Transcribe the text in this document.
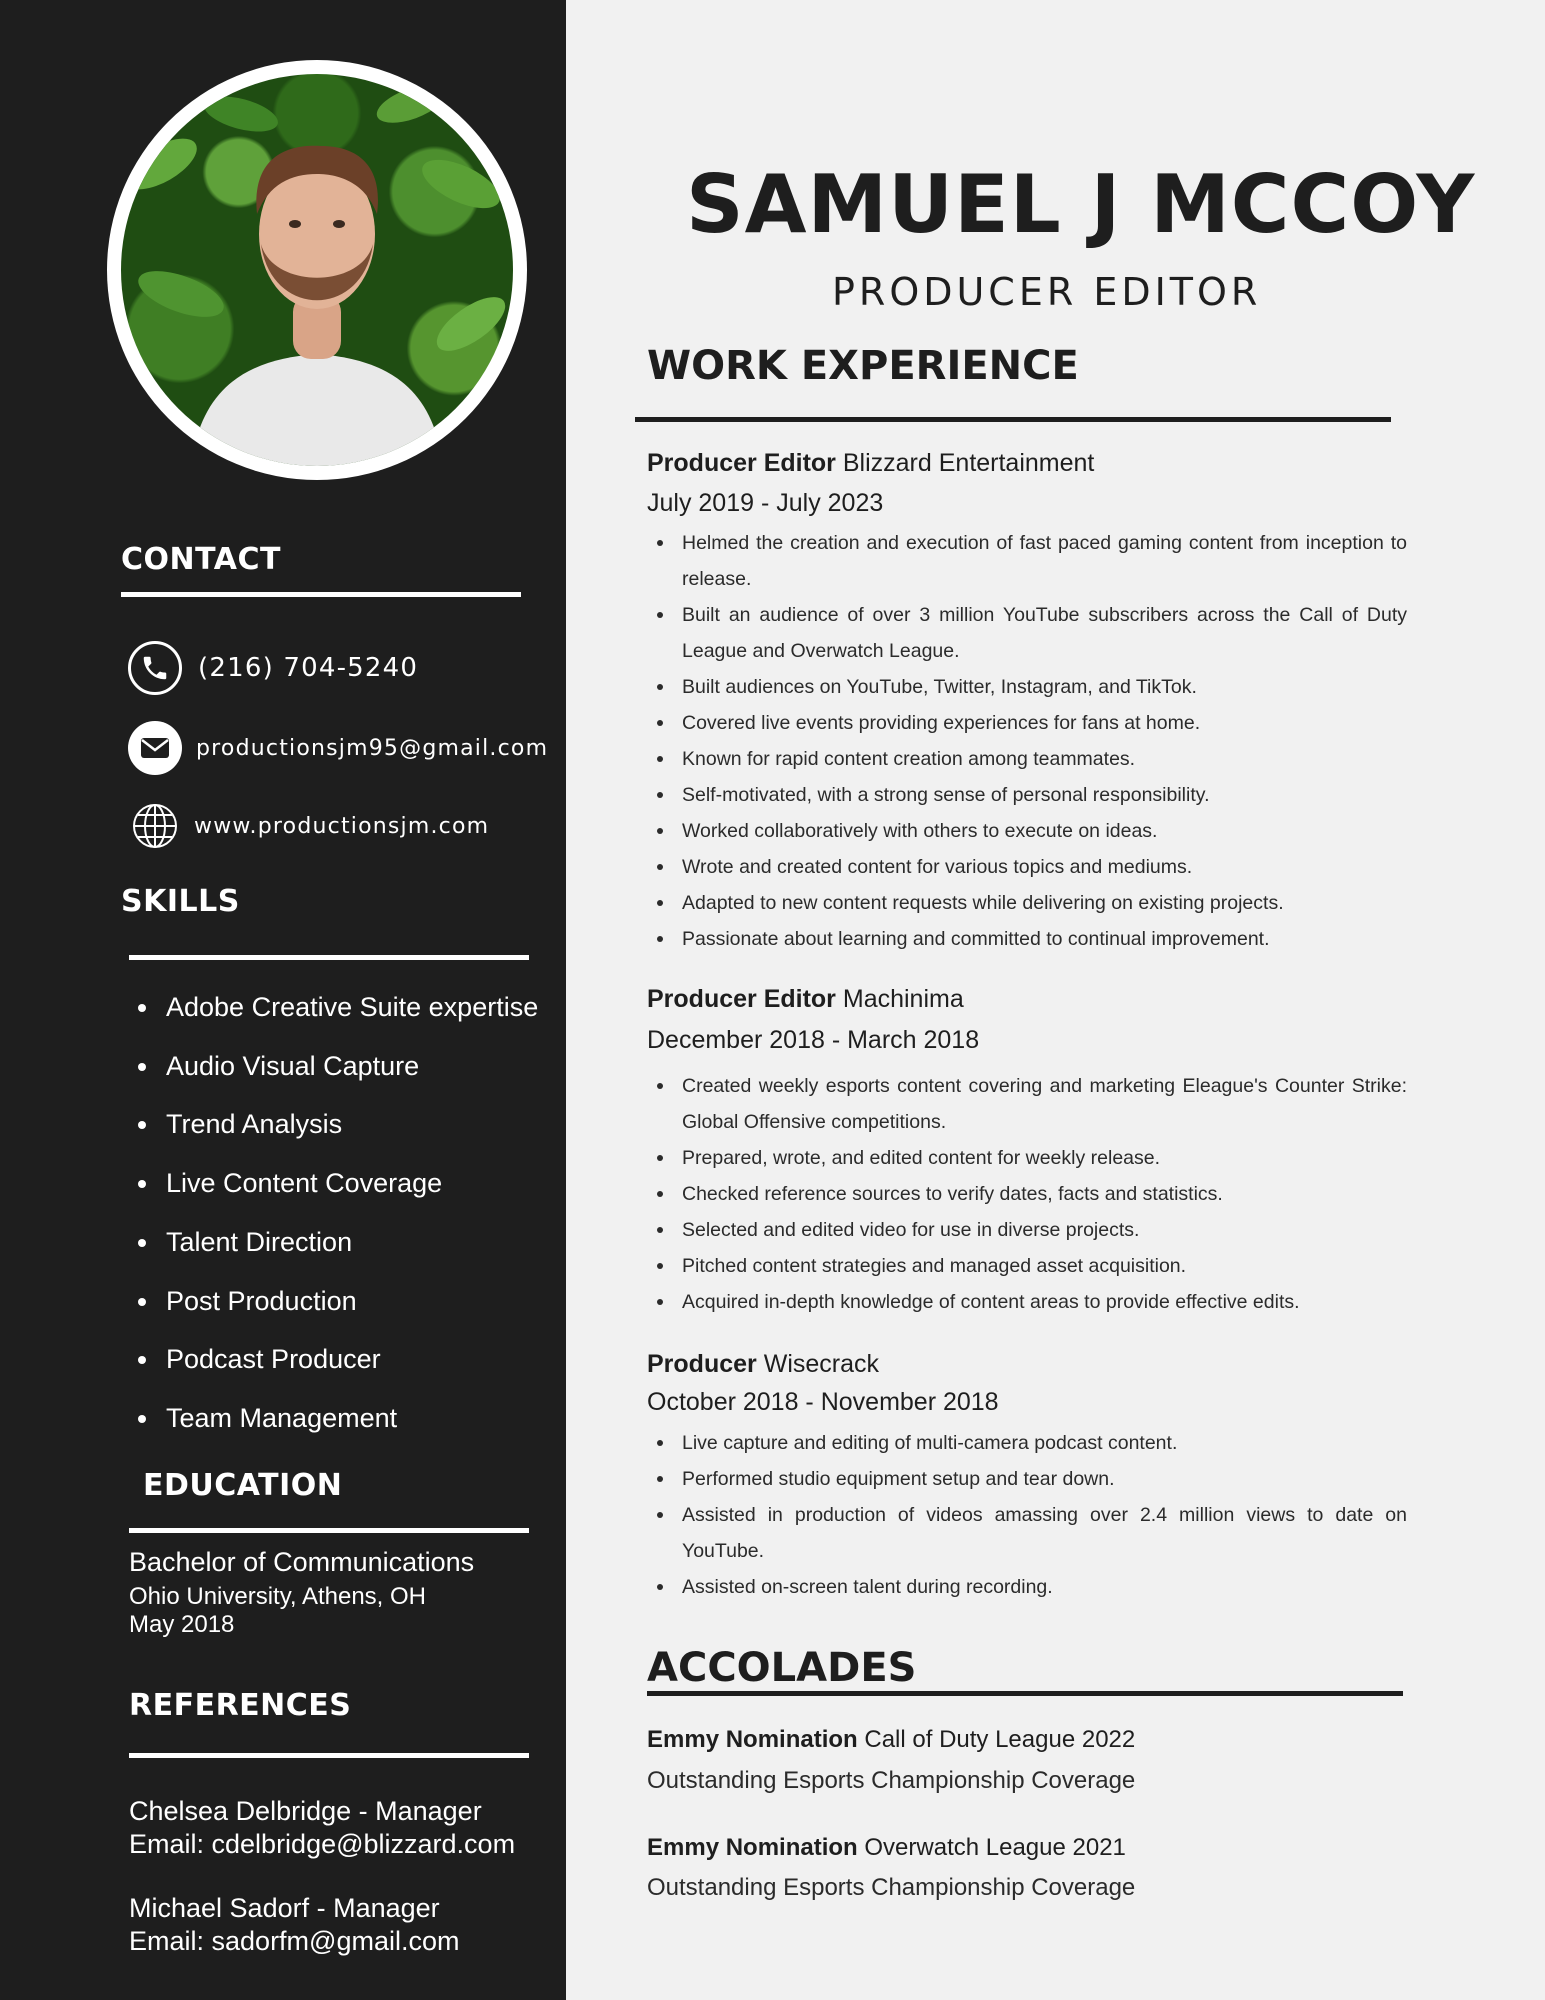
CONTACT
(216) 704-5240
productionsjm95@gmail.com
www.productionsjm.com
SKILLS
Adobe Creative Suite expertise
Audio Visual Capture
Trend Analysis
Live Content Coverage
Talent Direction
Post Production
Podcast Producer
Team Management
EDUCATION
Bachelor of Communications
Ohio University, Athens, OH
May 2018
REFERENCES
Chelsea Delbridge - Manager
Email: cdelbridge@blizzard.com
Michael Sadorf - Manager
Email: sadorfm@gmail.com
SAMUEL J MCCOY
PRODUCER EDITOR
WORK EXPERIENCE
Producer Editor Blizzard Entertainment
July 2019 - July 2023
Helmed the creation and execution of fast paced gaming content from inception to release.
Built an audience of over 3 million YouTube subscribers across the Call of Duty League and Overwatch League.
Built audiences on YouTube, Twitter, Instagram, and TikTok.
Covered live events providing experiences for fans at home.
Known for rapid content creation among teammates.
Self-motivated, with a strong sense of personal responsibility.
Worked collaboratively with others to execute on ideas.
Wrote and created content for various topics and mediums.
Adapted to new content requests while delivering on existing projects.
Passionate about learning and committed to continual improvement.
Producer Editor Machinima
December 2018 - March 2018
Created weekly esports content covering and marketing Eleague's Counter Strike: Global Offensive competitions.
Prepared, wrote, and edited content for weekly release.
Checked reference sources to verify dates, facts and statistics.
Selected and edited video for use in diverse projects.
Pitched content strategies and managed asset acquisition.
Acquired in-depth knowledge of content areas to provide effective edits.
Producer Wisecrack
October 2018 - November 2018
Live capture and editing of multi-camera podcast content.
Performed studio equipment setup and tear down.
Assisted in production of videos amassing over 2.4 million views to date on YouTube.
Assisted on-screen talent during recording.
ACCOLADES
Emmy Nomination Call of Duty League 2022
Outstanding Esports Championship Coverage
Emmy Nomination Overwatch League 2021
Outstanding Esports Championship Coverage
